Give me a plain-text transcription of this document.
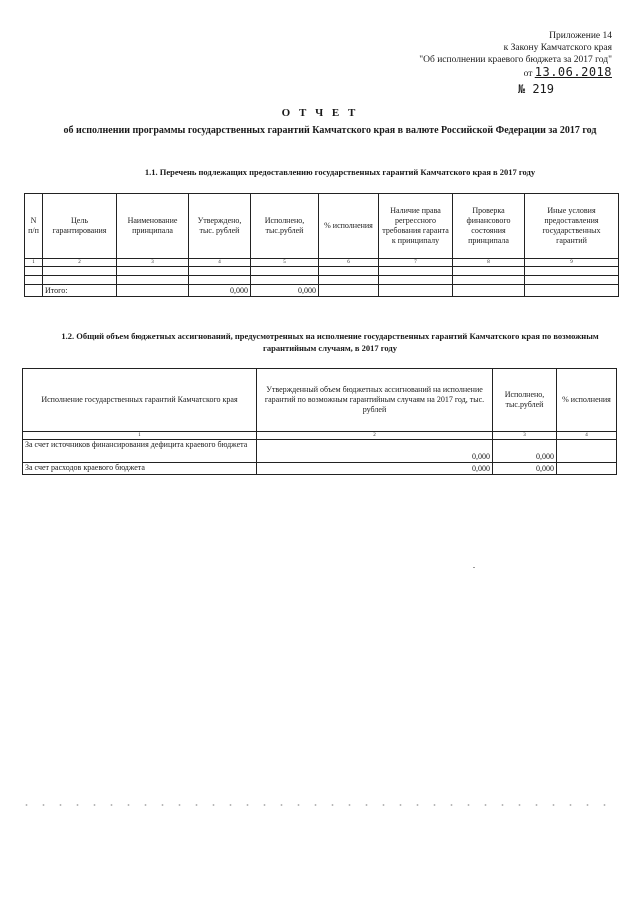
Приложение 14
к Закону Камчатского края
"Об исполнении краевого бюджета за 2017 год"
от 13.06.2018
№ 219
О Т Ч Е Т
об исполнении программы государственных гарантий Камчатского края в валюте Российской Федерации за 2017 год
1.1. Перечень подлежащих предоставлению государственных гарантий Камчатского края в 2017 году
N п/п	Цель гарантирования	Наименование принципала	Утверждено, тыс. рублей	Исполнено, тыс.рублей	% исполнения	Наличие права регрессного требования гаранта к принципалу	Проверка финансового состояния принципала	Иные условия предоставления государственных гарантий
1	2	3	4	5	6	7	8	9

	Итого:		0,000	0,000				
1.2. Общий объем бюджетных ассигнований, предусмотренных на исполнение государственных гарантий Камчатского края по возможным гарантийным случаям, в 2017 году
Исполнение государственных гарантий Камчатского края	Утвержденный объем бюджетных ассигнований на исполнение гарантий по возможным гарантийным случаям на 2017 год, тыс. рублей	Исполнено, тыс.рублей	% исполнения
1	2	3	4
За счет источников финансирования дефицита краевого бюджета	0,000	0,000	
За счет расходов краевого бюджета	0,000	0,000	
